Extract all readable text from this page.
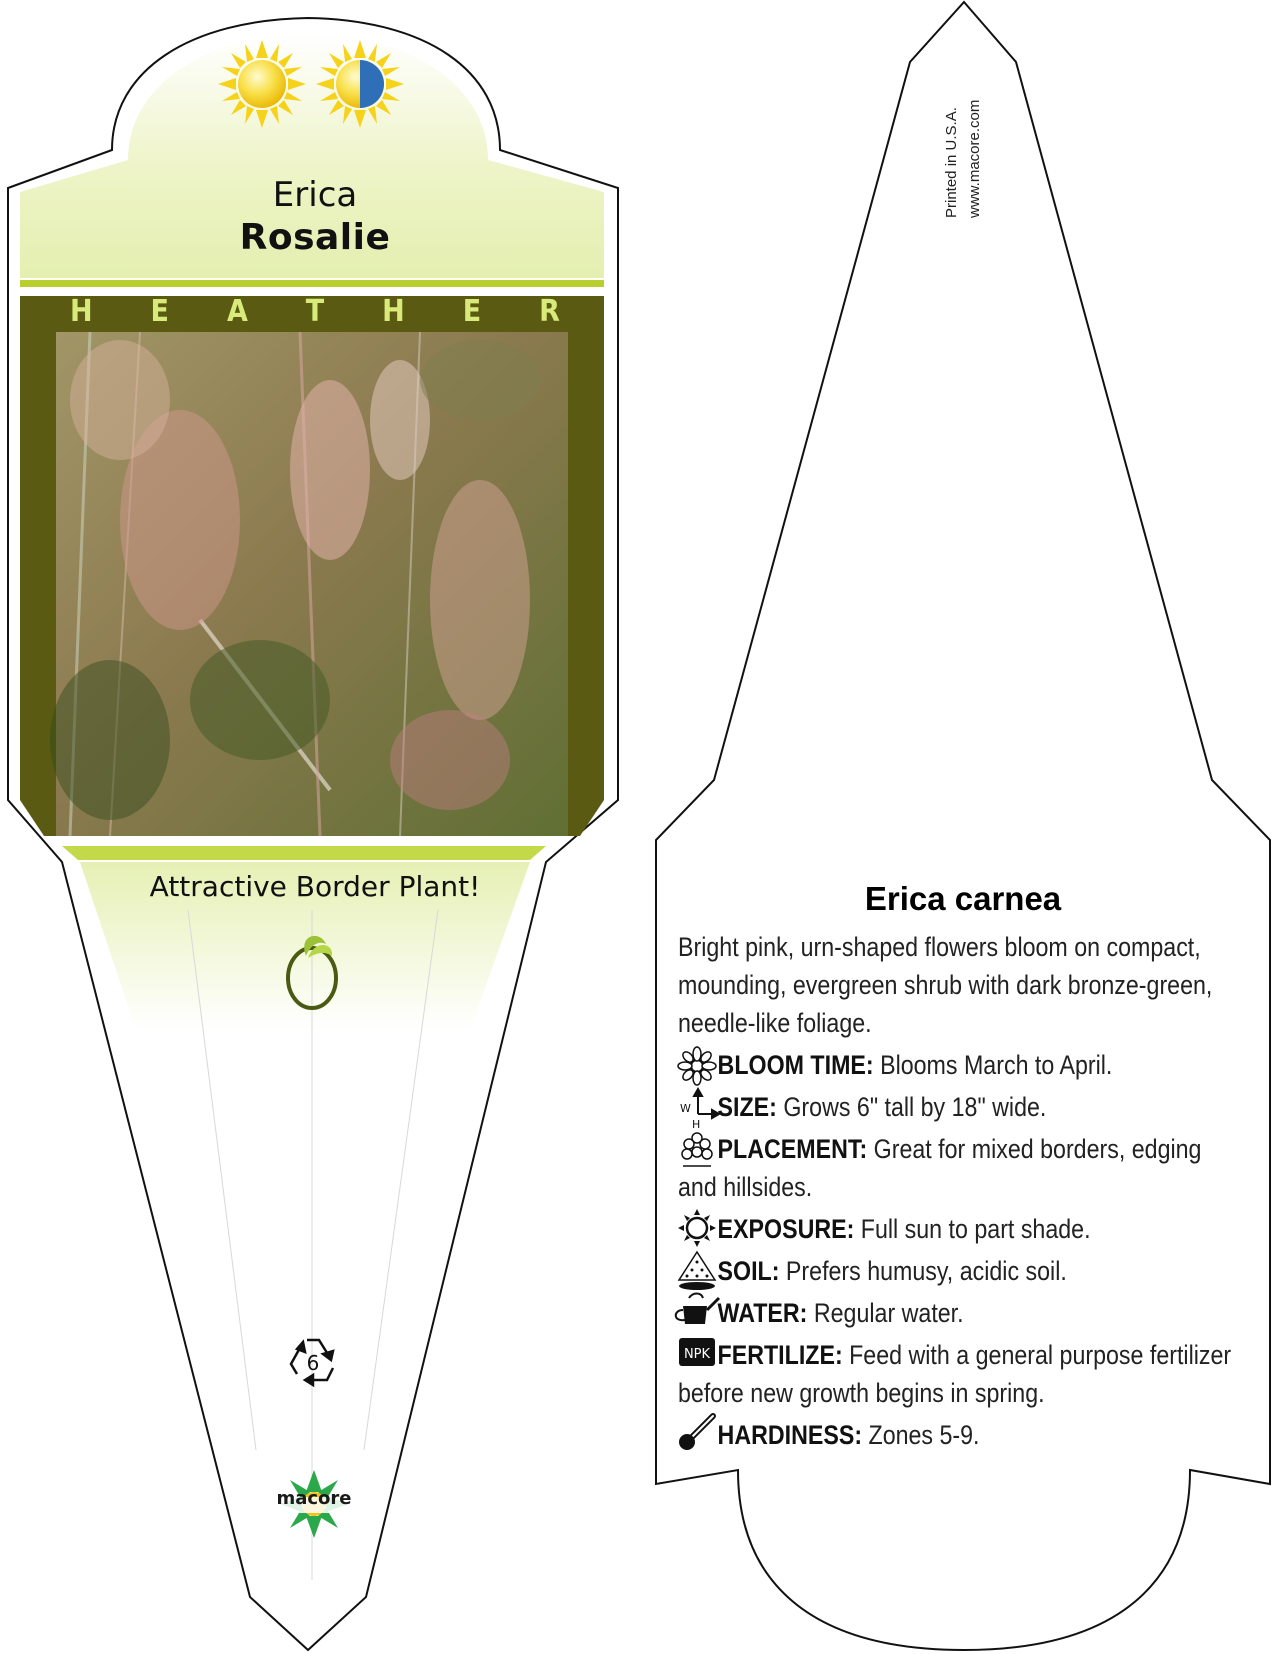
W
H
NPK
Erica
Rosalie
H E A T H E R
Attractive Border Plant!
6
macore
Printed in U.S.A. www.macore.com
Erica carnea
Bright pink, urn-shaped flowers bloom on compact, mounding, evergreen shrub with dark bronze-green, needle-like foliage.
BLOOM TIME: Blooms March to April.
SIZE: Grows 6" tall by 18" wide.
PLACEMENT: Great for mixed borders, edging and hillsides.
EXPOSURE: Full sun to part shade.
SOIL: Prefers humusy, acidic soil.
WATER: Regular water.
FERTILIZE: Feed with a general purpose fertilizer before new growth begins in spring.
HARDINESS: Zones 5-9.
